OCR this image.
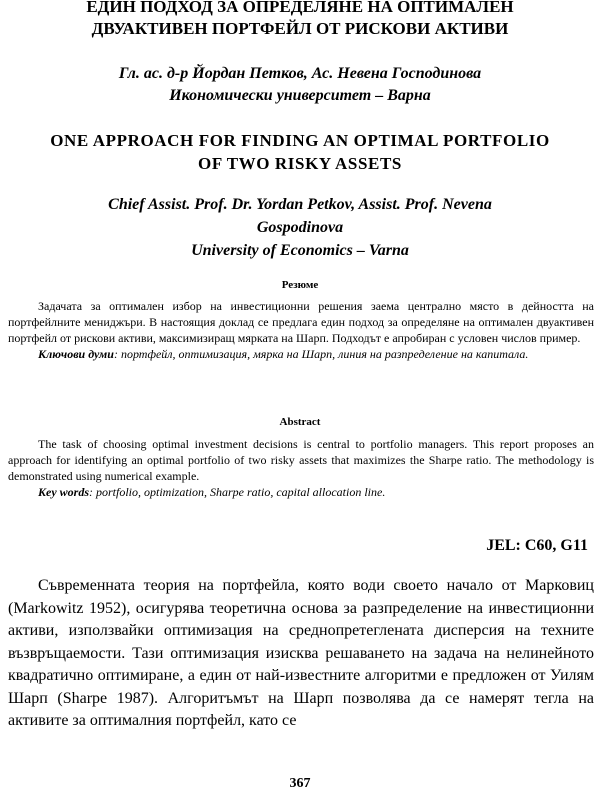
ЕДИН ПОДХОД ЗА ОПРЕДЕЛЯНЕ НА ОПТИМАЛЕН
ДВУАКТИВЕН ПОРТФЕЙЛ ОТ РИСКОВИ АКТИВИ
Гл. ас. д-р Йордан Петков, Ас. Невена Господинова
Икономически университет – Варна
ONE APPROACH FOR FINDING AN OPTIMAL PORTFOLIO
OF TWO RISKY ASSETS
Chief Assist. Prof. Dr. Yordan Petkov, Assist. Prof. Nevena
Gospodinova
University of Economics – Varna
Резюме

Задачата за оптимален избор на инвестиционни решения заема централно място в дейността на портфейлните мениджъри. В настоящия доклад се предлага един подход за определяне на оптимален двуактивен портфейл от рискови активи, максимизиращ мярката на Шарп. Подходът е апробиран с условен числов пример.

Ключови думи: портфейл, оптимизация, мярка на Шарп, линия на разпределение на капитала.

Abstract

The task of choosing optimal investment decisions is central to portfolio managers. This report proposes an approach for identifying an optimal portfolio of two risky assets that maximizes the Sharpe ratio. The methodology is demonstrated using numerical example.

Key words: portfolio, optimization, Sharpe ratio, capital allocation line.

JEL: C60, G11

Съвременната теория на портфейла, която води своето начало от Марковиц (Markowitz 1952), осигурява теоретична основа за разпределение на инвестиционни активи, използвайки оптимизация на среднопретеглената дисперсия на техните възвръщаемости. Тази оптимизация изисква решаването на задача на нелинейното квадратично оптимиране, а един от най-известните алгоритми е предложен от Уилям Шарп (Sharpe 1987). Алгоритъмът на Шарп позволява да се намерят тегла на активите за оптималния портфейл, като се

367
